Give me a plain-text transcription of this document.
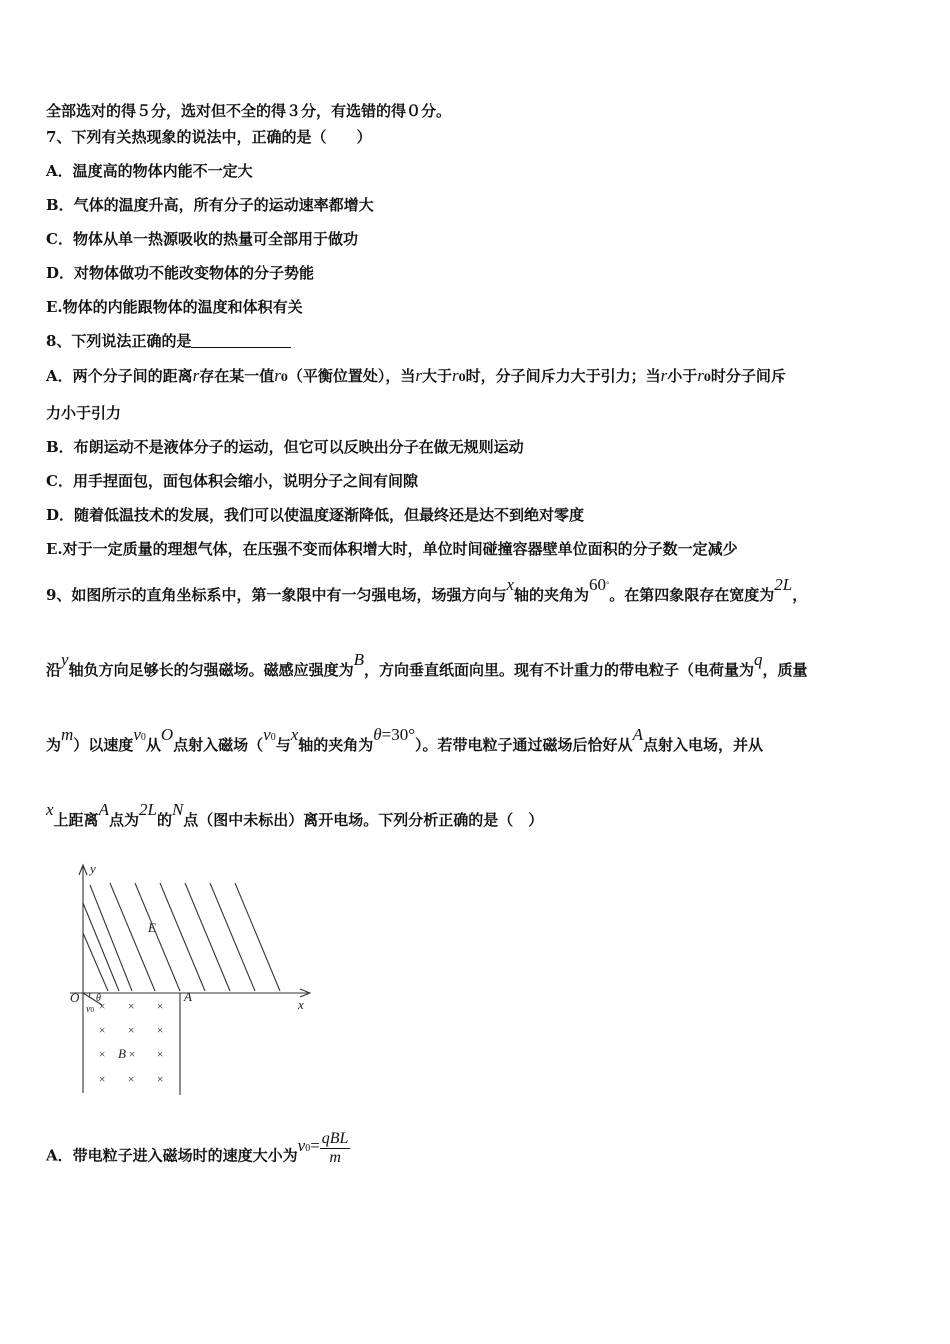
全部选对的得５分，选对但不全的得３分，有选错的得０分。
7、下列有关热现象的说法中，正确的是（　　）
A．温度高的物体内能不一定大
B．气体的温度升高，所有分子的运动速率都增大
C．物体从单一热源吸收的热量可全部用于做功
D．对物体做功不能改变物体的分子势能
E.物体的内能跟物体的温度和体积有关
8、下列说法正确的是
A．两个分子间的距离r存在某一值r0（平衡位置处），当r大于r0时，分子间斥力大于引力；当r小于r0时分子间斥
力小于引力
B．布朗运动不是液体分子的运动，但它可以反映出分子在做无规则运动
C．用手捏面包，面包体积会缩小，说明分子之间有间隙
D．随着低温技术的发展，我们可以使温度逐渐降低，但最终还是达不到绝对零度
E.对于一定质量的理想气体，在压强不变而体积增大时，单位时间碰撞容器壁单位面积的分子数一定减少
9、如图所示的直角坐标系中，第一象限中有一匀强电场，场强方向与x轴的夹角为60°。在第四象限存在宽度为2L，
沿y轴负方向足够长的匀强磁场。磁感应强度为B，方向垂直纸面向里。现有不计重力的带电粒子（电荷量为q，质量
为m）以速度v0从O点射入磁场（v0与x轴的夹角为θ=30°）。若带电粒子通过磁场后恰好从A点射入电场，并从
x上距离A点为2L的N点（图中未标出）离开电场。下列分析正确的是（　）
y
x
E
O	A
θ
v0
B
× × ×
× × ×
× × ×
× × ×
A．带电粒子进入磁场时的速度大小为$v0= \frac{\text{qBL}}{m}$
